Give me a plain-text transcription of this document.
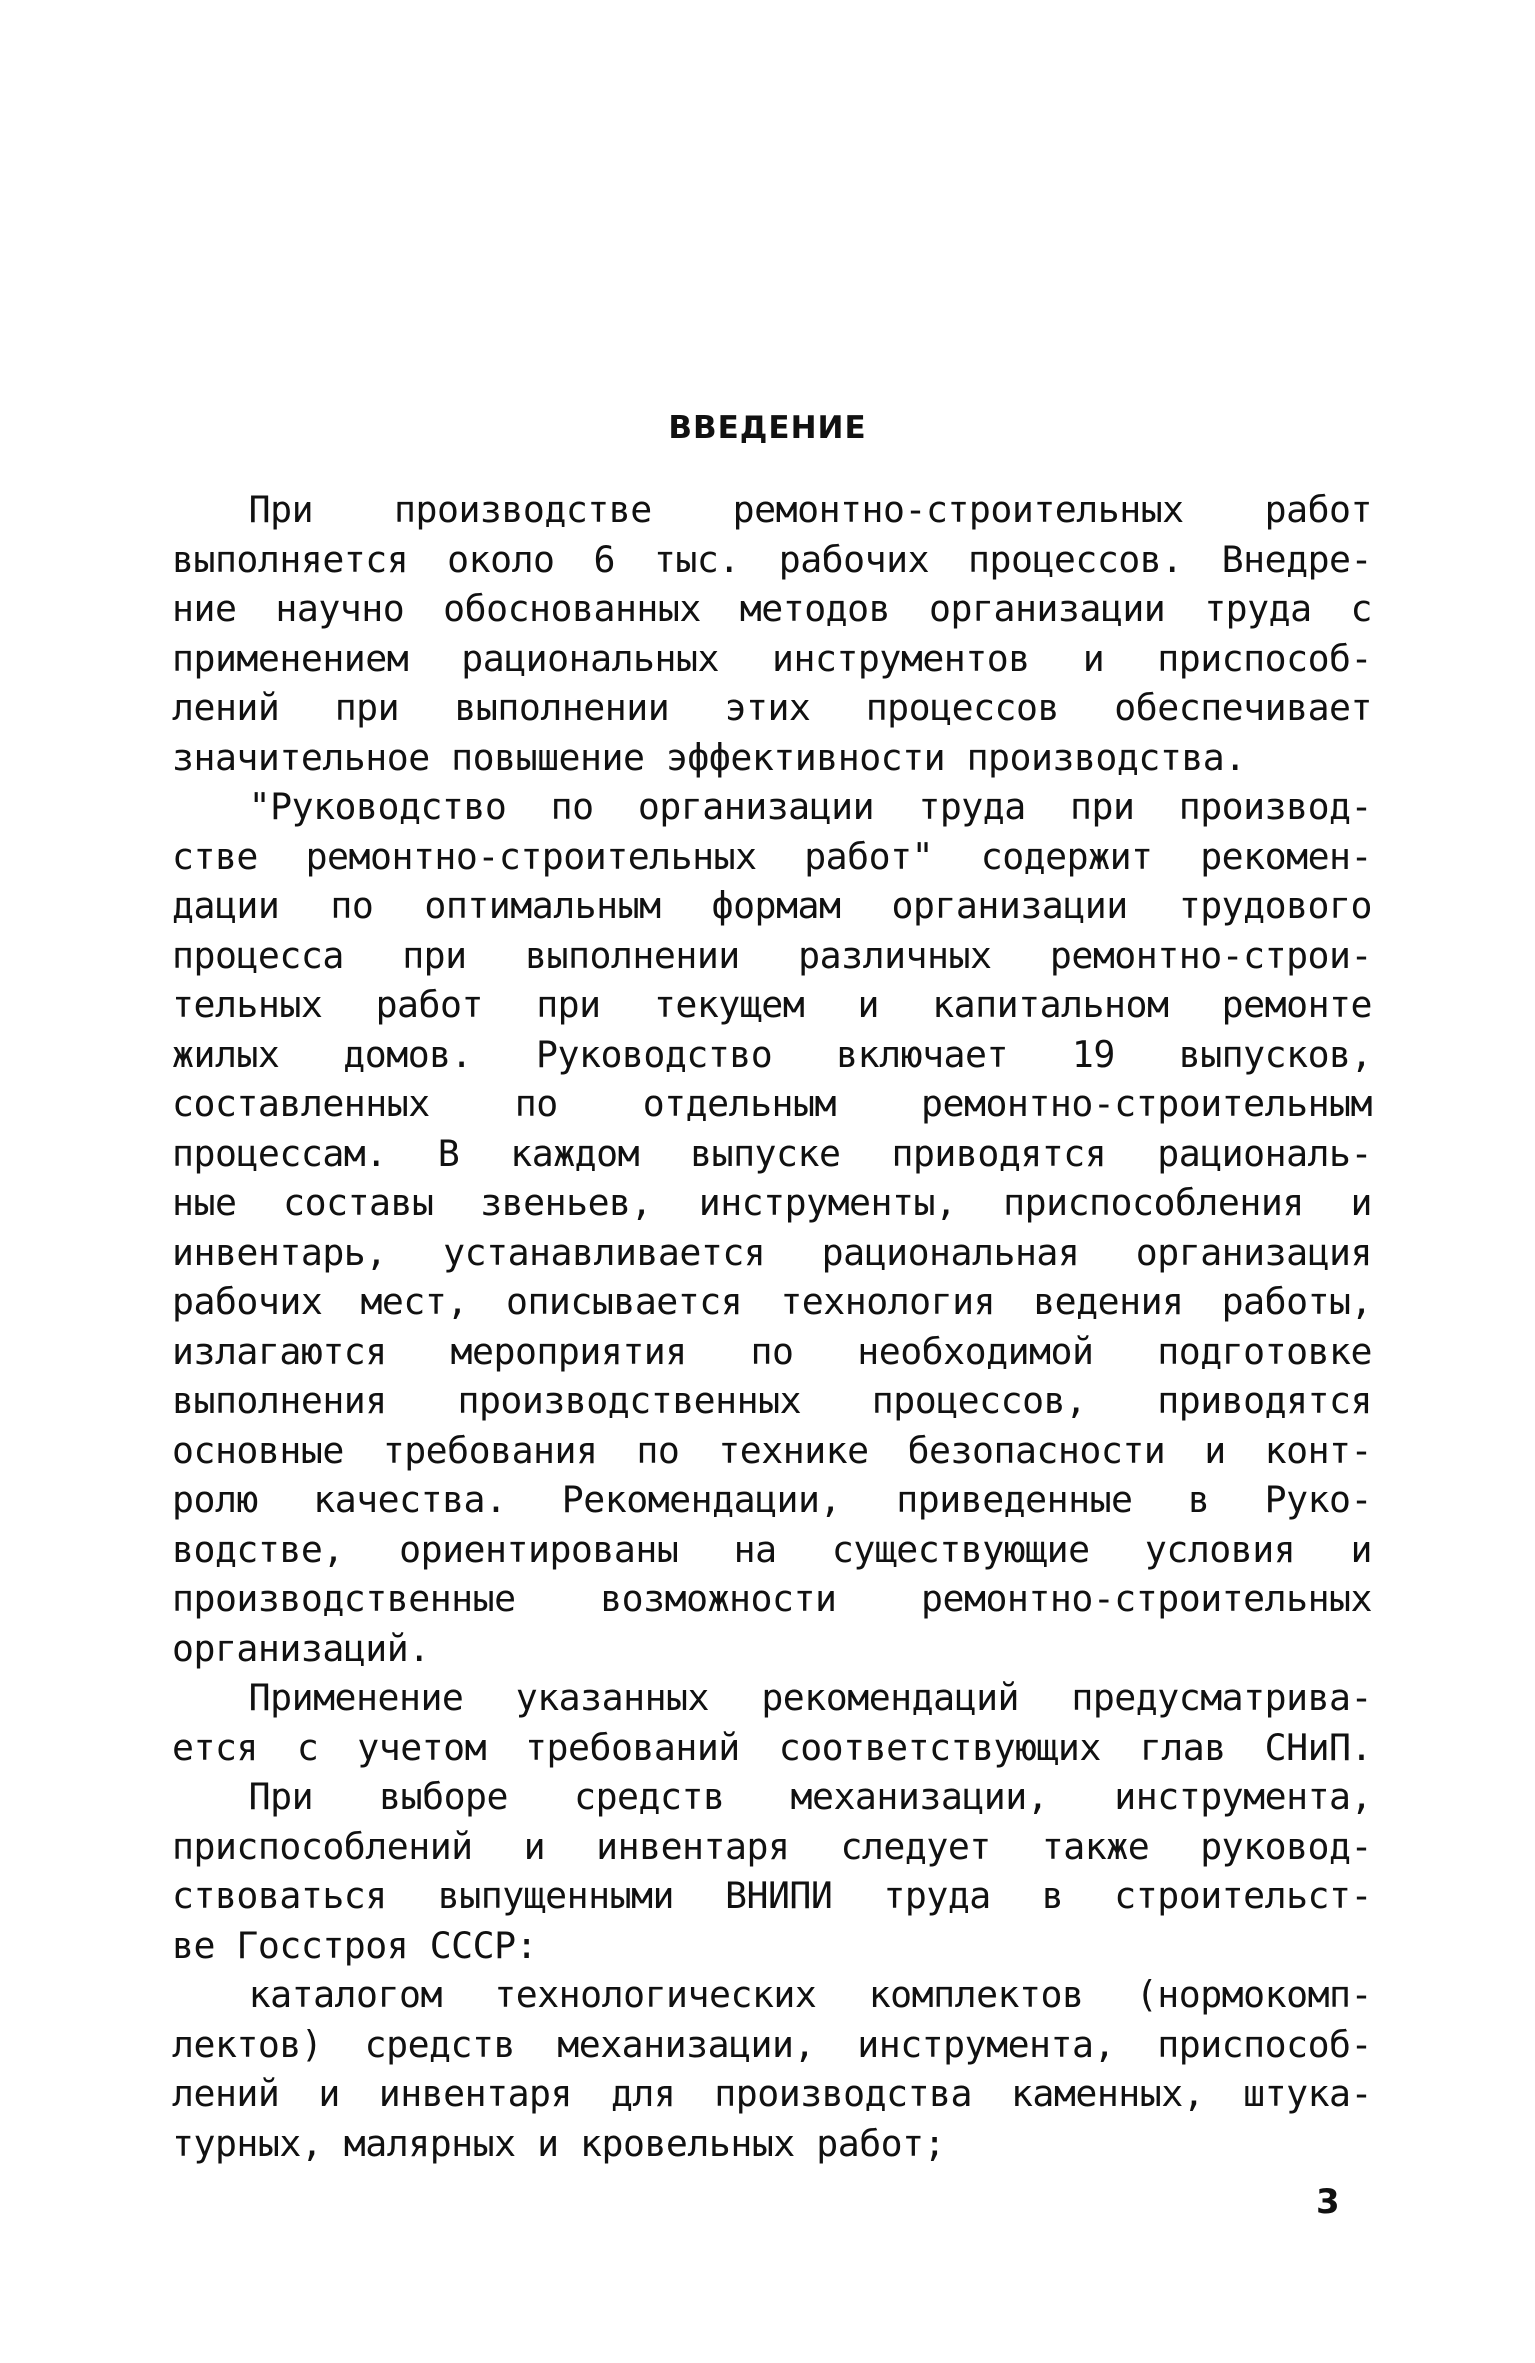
ВВЕДЕНИЕ
При производстве ремонтно-строительных работ
выполняется около 6 тыс. рабочих процессов. Внедре-
ние научно обоснованных методов организации труда с
применением рациональных инструментов и приспособ-
лений при выполнении этих процессов обеспечивает
значительное повышение эффективности производства.
"Руководство по организации труда при производ-
стве ремонтно-строительных работ" содержит рекомен-
дации по оптимальным формам организации трудового
процесса при выполнении различных ремонтно-строи-
тельных работ при текущем и капитальном ремонте
жилых домов. Руководство включает 19 выпусков,
составленных по отдельным ремонтно-строительным
процессам. В каждом выпуске приводятся рациональ-
ные составы звеньев, инструменты, приспособления и
инвентарь, устанавливается рациональная организация
рабочих мест, описывается технология ведения работы,
излагаются мероприятия по необходимой подготовке
выполнения производственных процессов, приводятся
основные требования по технике безопасности и конт-
ролю качества. Рекомендации, приведенные в Руко-
водстве, ориентированы на существующие условия и
производственные возможности ремонтно-строительных
организаций.
Применение указанных рекомендаций предусматрива-
ется с учетом требований соответствующих глав СНиП.
При выборе средств механизации, инструмента,
приспособлений и инвентаря следует также руковод-
ствоваться выпущенными ВНИПИ труда в строительст-
ве Госстроя СССР:
каталогом технологических комплектов (нормокомп-
лектов) средств механизации, инструмента, приспособ-
лений и инвентаря для производства каменных, штука-
турных, малярных и кровельных работ;
3
